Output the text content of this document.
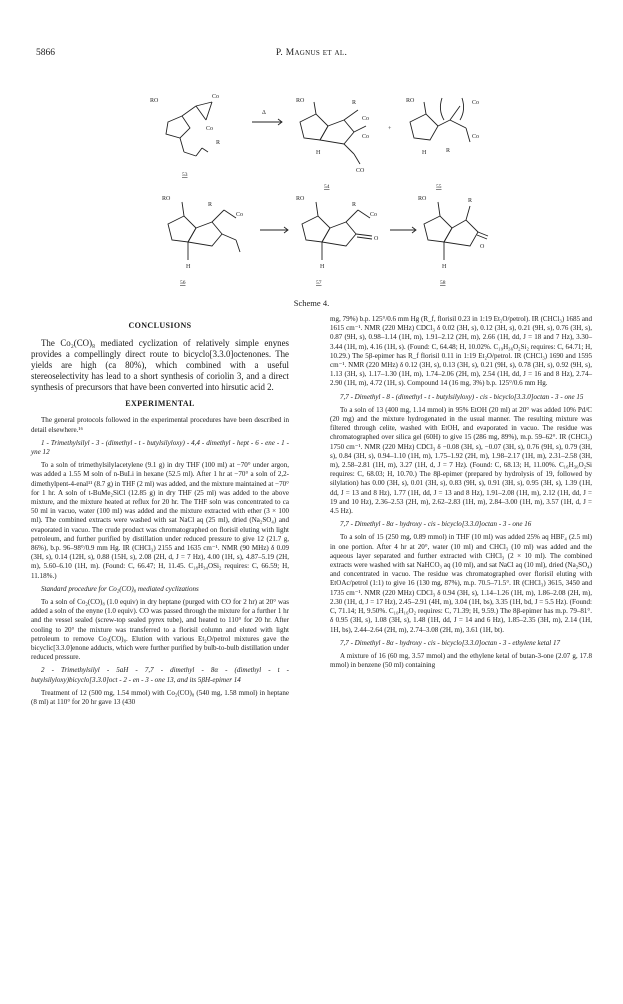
5866	P. Magnus et al.
RO
Co
Co
R
Δ
53
RO	R
Co
Co
CO
H
54
+
RO	Co
Co
R
H
55
RO
R
Co
H
56
RO
R
Co
O
H
57
RO	R
O
H
58
Scheme 4.
CONCLUSIONS

The Co₂(CO)₈ mediated cyclization of relatively simple enynes provides a compellingly direct route to bicyclo[3.3.0]octenones. The yields are high (ca 80%), which combined with a useful stereoselectivity has lead to a short synthesis of coriolin 3, and a direct synthesis of precursors that have been converted into hirsutic acid 2.

EXPERIMENTAL

The general protocols followed in the experimental procedures have been described in detail elsewhere.¹⁶

1 - Trimethylsilyl - 3 - (dimethyl - t - butylsilyloxy) - 4,4 - dimethyl - hept - 6 - ene - 1 - yne 12

To a soln of trimethylsilylacetylene (9.1 g) in dry THF (100 ml) at −70° under argon, was added a 1.55 M soln of n-BuLi in hexane (52.5 ml). After 1 hr at −70° a soln of 2,2-dimethylpent-4-enal¹¹ (8.7 g) in THF (2 ml) was added, and the mixture maintained at −70° for 1 hr. A soln of t-BuMe₂SiCl (12.85 g) in dry THF (25 ml) was added to the above mixture, and the mixture heated at reflux for 20 hr. The THF soln was concentrated to ca 50 ml in vacuo, water (100 ml) was added and the mixture extracted with ether (3 × 100 ml). The combined extracts were washed with sat NaCl aq (25 ml), dried (Na₂SO₄) and evaporated in vacuo. The crude product was chromatographed on florisil eluting with light petroleum, and further purified by distillation under reduced pressure to give 12 (21.7 g, 86%), b.p. 96–98°/0.9 mm Hg. IR (CHCl₃) 2155 and 1635 cm⁻¹. NMR (90 MHz) δ 0.09 (3H, s), 0.14 (12H, s), 0.88 (15H, s), 2.08 (2H, d, J = 7 Hz), 4.00 (1H, s), 4.87–5.19 (2H, m), 5.60–6.10 (1H, m). (Found: C, 66.47; H, 11.45. C₁₈H₃₄OSi₂ requires: C, 66.59; H, 11.18%.)

Standard procedure for Co₂(CO)₈ mediated cyclizations

To a soln of Co₂(CO)₈ (1.0 equiv) in dry heptane (purged with CO for 2 hr) at 20° was added a soln of the enyne (1.0 equiv). CO was passed through the mixture for a further 1 hr and the vessel sealed (screw-top sealed pyrex tube), and heated to 110° for 20 hr. After cooling to 20° the mixture was transferred to a florisil column and eluted with light petroleum to remove Co₂(CO)₈. Elution with various Et₂O/petrol mixtures gave the bicyclic[3.3.0]enone adducts, which were further purified by bulb-to-bulb distillation under reduced pressure.

2 - Trimethylsilyl - 5aH - 7,7 - dimethyl - 8α - (dimethyl - t - butylsilyloxy)bicyclo[3.3.0]oct - 2 - en - 3 - one 13, and its 5βH-epimer 14

Treatment of 12 (500 mg, 1.54 mmol) with Co₂(CO)₈ (540 mg, 1.58 mmol) in heptane (8 ml) at 110° for 20 hr gave 13 (430

mg, 79%) b.p. 125°/0.6 mm Hg (R_f, florisil 0.23 in 1:19 Et₂O/petrol). IR (CHCl₃) 1685 and 1615 cm⁻¹. NMR (220 MHz) CDCl₃ δ 0.02 (3H, s), 0.12 (3H, s), 0.21 (9H, s), 0.76 (3H, s), 0.87 (9H, s), 0.98–1.14 (1H, m), 1.91–2.12 (2H, m), 2.66 (1H, dd, J = 18 and 7 Hz), 3.30–3.44 (1H, m), 4.16 (1H, s). (Found: C, 64.48; H, 10.02%. C₁₉H₃₆O₂Si₂ requires: C, 64.71; H, 10.29.) The 5β-epimer has R_f florisil 0.11 in 1:19 Et₂O/petrol. IR (CHCl₃) 1690 and 1595 cm⁻¹. NMR (220 MHz) δ 0.12 (3H, s), 0.13 (3H, s), 0.21 (9H, s), 0.78 (3H, s), 0.92 (9H, s), 1.13 (3H, s), 1.17–1.30 (1H, m), 1.74–2.06 (2H, m), 2.54 (1H, dd, J = 16 and 8 Hz), 2.74–2.90 (1H, m), 4.72 (1H, s). Compound 14 (16 mg, 3%) b.p. 125°/0.6 mm Hg.

7,7 - Dimethyl - 8 - (dimethyl - t - butylsilyloxy) - cis - bicyclo[3.3.0]octan - 3 - one 15

To a soln of 13 (400 mg, 1.14 mmol) in 95% EtOH (20 ml) at 20° was added 10% Pd/C (20 mg) and the mixture hydrogenated in the usual manner. The resulting mixture was filtered through celite, washed with EtOH, and evaporated in vacuo. The residue was chromatographed over silica gel (60H) to give 15 (286 mg, 89%), m.p. 59–62°. IR (CHCl₃) 1750 cm⁻¹. NMR (220 MHz) CDCl₃ δ −0.08 (3H, s), −0.07 (3H, s), 0.76 (9H, s), 0.79 (3H, s), 0.84 (3H, s), 0.94–1.10 (1H, m), 1.75–1.92 (2H, m), 1.98–2.17 (1H, m), 2.31–2.58 (3H, m), 2.58–2.81 (1H, m), 3.27 (1H, d, J = 7 Hz). (Found: C, 68.13; H, 11.00%. C₁₆H₃₀O₂Si requires: C, 68.03; H, 10.70.) The 8β-epimer (prepared by hydrolysis of 19, followed by silylation) has 0.00 (3H, s), 0.01 (3H, s), 0.83 (9H, s), 0.91 (3H, s), 0.95 (3H, s), 1.39 (1H, dd, J = 13 and 8 Hz), 1.77 (1H, dd, J = 13 and 8 Hz), 1.91–2.08 (1H, m), 2.12 (1H, dd, J = 19 and 10 Hz), 2.36–2.53 (2H, m), 2.62–2.83 (1H, m), 2.84–3.00 (1H, m), 3.57 (1H, d, J = 4.5 Hz).

7,7 - Dimethyl - 8α - hydroxy - cis - bicyclo[3.3.0]octan - 3 - one 16

To a soln of 15 (250 mg, 0.89 mmol) in THF (10 ml) was added 25% aq HBF₄ (2.5 ml) in one portion. After 4 hr at 20°, water (10 ml) and CHCl₃ (10 ml) was added and the aqueous layer separated and further extracted with CHCl₃ (2 × 10 ml). The combined extracts were washed with sat NaHCO₃ aq (10 ml), and sat NaCl aq (10 ml), dried (Na₂SO₄) and concentrated in vacuo. The residue was chromatographed over florisil eluting with EtOAc/petrol (1:1) to give 16 (130 mg, 87%), m.p. 70.5–71.5°. IR (CHCl₃) 3615, 3450 and 1735 cm⁻¹. NMR (220 MHz) CDCl₃ δ 0.94 (3H, s), 1.14–1.26 (1H, m), 1.86–2.08 (2H, m), 2.30 (1H, d, J = 17 Hz), 2.45–2.91 (4H, m), 3.04 (1H, bs), 3.35 (1H, bd, J = 5.5 Hz). (Found: C, 71.14; H, 9.50%. C₁₀H₁₆O₂ requires: C, 71.39; H, 9.59.) The 8β-epimer has m.p. 79–81°. δ 0.95 (3H, s), 1.08 (3H, s), 1.48 (1H, dd, J = 14 and 6 Hz), 1.85–2.35 (3H, m), 2.14 (1H, 1H, bs), 2.44–2.64 (2H, m), 2.74–3.08 (2H, m), 3.61 (1H, bt).

7,7 - Dimethyl - 8α - hydroxy - cis - bicyclo[3.3.0]octan - 3 - ethylene ketal 17

A mixture of 16 (60 mg, 3.57 mmol) and the ethylene ketal of butan-3-one (2.07 g, 17.8 mmol) in benzene (50 ml) containing
